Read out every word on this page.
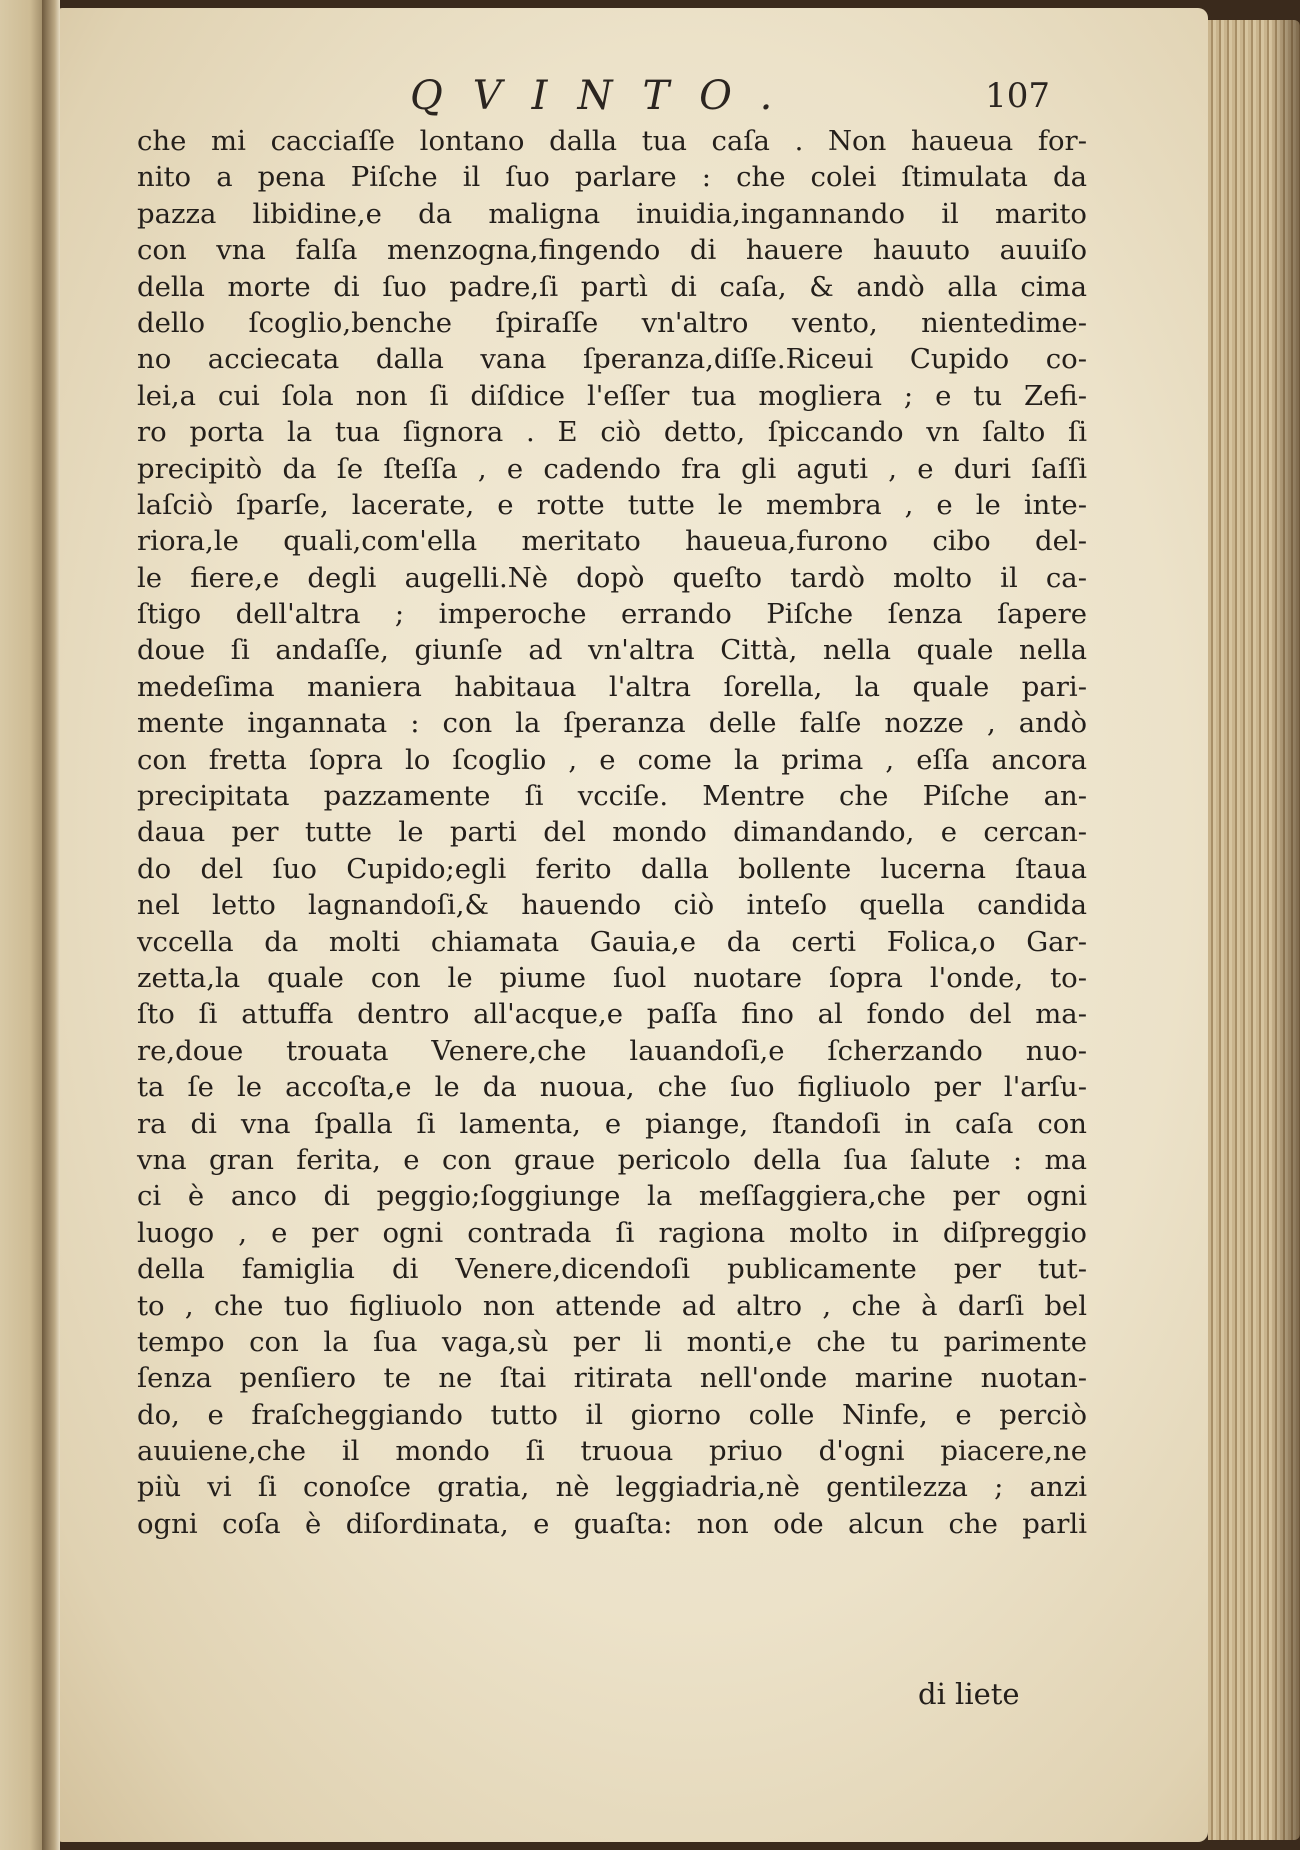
QVINTO.	107
che mi cacciaſſe lontano dalla tua caſa . Non haueua for-
nito a pena Piſche il ſuo parlare : che colei ſtimulata da
pazza libidine,e da maligna inuidia,ingannando il marito
con vna falſa menzogna,fingendo di hauere hauuto auuiſo
della morte di ſuo padre,ſi partì di caſa, & andò alla cima
dello ſcoglio,benche ſpiraſſe vn'altro vento, nientedime-
no acciecata dalla vana ſperanza,diſſe.Riceui Cupido co-
lei,a cui ſola non ſi diſdice l'eſſer tua mogliera ; e tu Zefi-
ro porta la tua ſignora . E ciò detto, ſpiccando vn ſalto ſi
precipitò da ſe ſteſſa , e cadendo fra gli aguti , e duri ſaſſi
laſciò ſparſe, lacerate, e rotte tutte le membra , e le inte-
riora,le quali,com'ella meritato haueua,furono cibo del-
le fiere,e degli augelli.Nè dopò queſto tardò molto il ca-
ſtigo dell'altra ; imperoche errando Piſche ſenza ſapere
doue ſi andaſſe, giunſe ad vn'altra Città, nella quale nella
medeſima maniera habitaua l'altra ſorella, la quale pari-
mente ingannata : con la ſperanza delle falſe nozze , andò
con fretta ſopra lo ſcoglio , e come la prima , eſſa ancora
precipitata pazzamente ſi vcciſe. Mentre che Piſche an-
daua per tutte le parti del mondo dimandando, e cercan-
do del ſuo Cupido;egli ferito dalla bollente lucerna ſtaua
nel letto lagnandoſi,& hauendo ciò inteſo quella candida
vccella da molti chiamata Gauia,e da certi Folica,o Gar-
zetta,la quale con le piume ſuol nuotare ſopra l'onde, to-
ſto ſi attuffa dentro all'acque,e paſſa fino al fondo del ma-
re,doue trouata Venere,che lauandoſi,e ſcherzando nuo-
ta ſe le accoſta,e le da nuoua, che ſuo figliuolo per l'arſu-
ra di vna ſpalla ſi lamenta, e piange, ſtandoſi in caſa con
vna gran ferita, e con graue pericolo della ſua ſalute : ma
ci è anco di peggio;ſoggiunge la meſſaggiera,che per ogni
luogo , e per ogni contrada ſi ragiona molto in diſpreggio
della famiglia di Venere,dicendoſi publicamente per tut-
to , che tuo figliuolo non attende ad altro , che à darſi bel
tempo con la ſua vaga,sù per li monti,e che tu parimente
ſenza penſiero te ne ſtai ritirata nell'onde marine nuotan-
do, e fraſcheggiando tutto il giorno colle Ninfe, e perciò
auuiene,che il mondo ſi truoua priuo d'ogni piacere,ne
più vi ſi conoſce gratia, nè leggiadria,nè gentilezza ; anzi
ogni coſa è diſordinata, e guaſta: non ode alcun che parli
di liete
